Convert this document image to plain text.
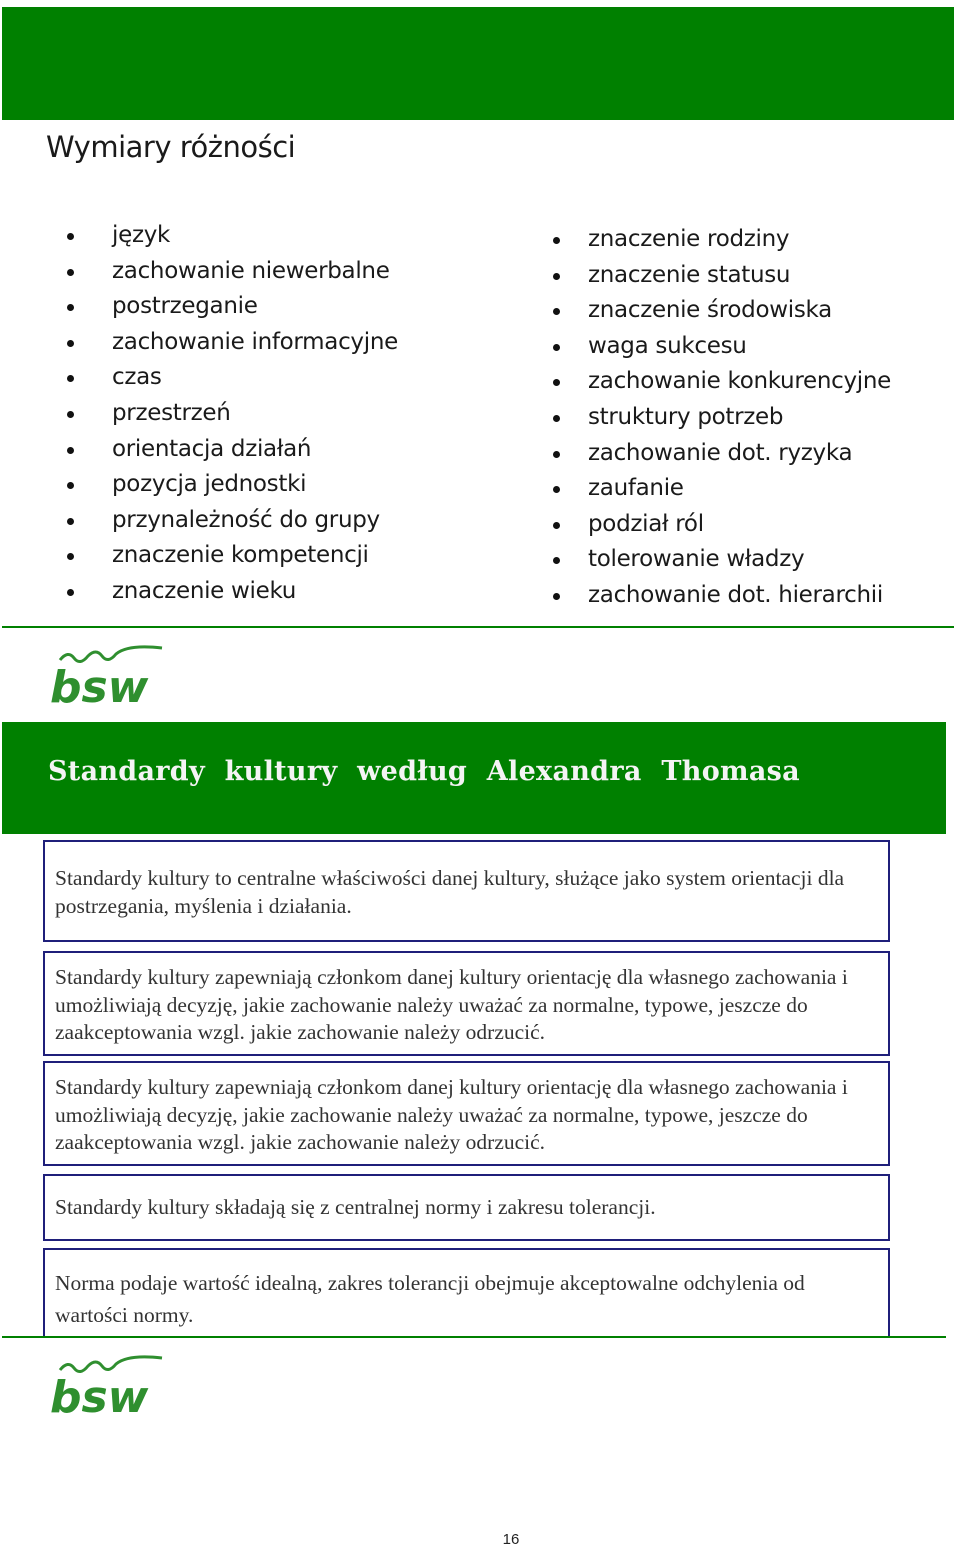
Wymiary różności
język
zachowanie niewerbalne
postrzeganie
zachowanie informacyjne
czas
przestrzeń
orientacja działań
pozycja jednostki
przynależność do grupy
znaczenie kompetencji
znaczenie wieku
znaczenie rodziny
znaczenie statusu
znaczenie środowiska
waga sukcesu
zachowanie konkurencyjne
struktury potrzeb
zachowanie dot. ryzyka
zaufanie
podział ról
tolerowanie władzy
zachowanie dot. hierarchii
bsw
Standardy kultury według Alexandra Thomasa
Standardy kultury to centralne właściwości danej kultury, służące jako system orientacji dla postrzegania, myślenia i działania.
Standardy kultury zapewniają członkom danej kultury orientację dla własnego zachowania i umożliwiają decyzję, jakie zachowanie należy uważać za normalne, typowe, jeszcze do zaakceptowania wzgl. jakie zachowanie należy odrzucić.
Standardy kultury zapewniają członkom danej kultury orientację dla własnego zachowania i umożliwiają decyzję, jakie zachowanie należy uważać za normalne, typowe, jeszcze do zaakceptowania wzgl. jakie zachowanie należy odrzucić.
Standardy kultury składają się z centralnej normy i zakresu tolerancji.
Norma podaje wartość idealną, zakres tolerancji obejmuje akceptowalne odchylenia od wartości normy.
bsw
16
